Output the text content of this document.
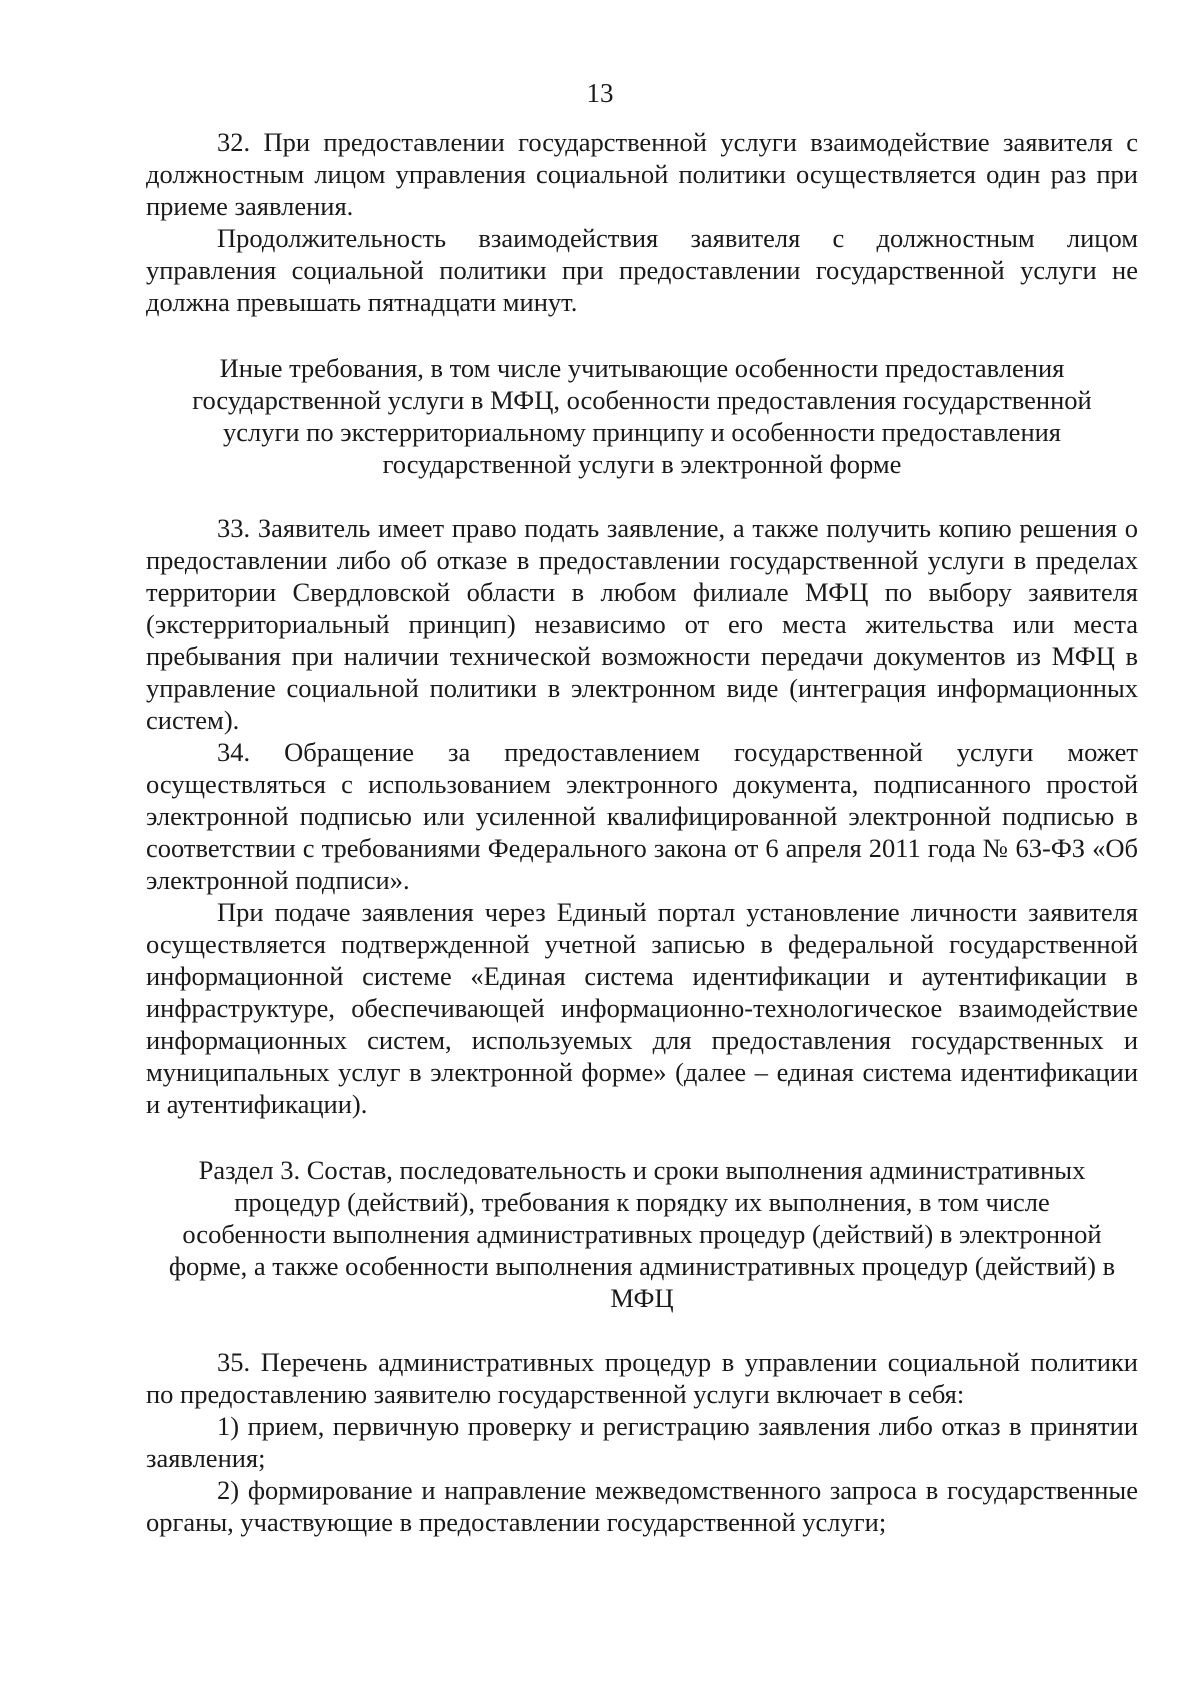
13

32. При предоставлении государственной услуги взаимодействие заявителя с должностным лицом управления социальной политики осуществляется один раз при приеме заявления.

Продолжительность взаимодействия заявителя с должностным лицом управления социальной политики при предоставлении государственной услуги не должна превышать пятнадцати минут.

Иные требования, в том числе учитывающие особенности предоставления государственной услуги в МФЦ, особенности предоставления государственной услуги по экстерриториальному принципу и особенности предоставления государственной услуги в электронной форме

33. Заявитель имеет право подать заявление, а также получить копию решения о предоставлении либо об отказе в предоставлении государственной услуги в пределах территории Свердловской области в любом филиале МФЦ по выбору заявителя (экстерриториальный принцип) независимо от его места жительства или места пребывания при наличии технической возможности передачи документов из МФЦ в управление социальной политики в электронном виде (интеграция информационных систем).

34. Обращение за предоставлением государственной услуги может осуществляться с использованием электронного документа, подписанного простой электронной подписью или усиленной квалифицированной электронной подписью в соответствии с требованиями Федерального закона от 6 апреля 2011 года № 63-ФЗ «Об электронной подписи».

При подаче заявления через Единый портал установление личности заявителя осуществляется подтвержденной учетной записью в федеральной государственной информационной системе «Единая система идентификации и аутентификации в инфраструктуре, обеспечивающей информационно-технологическое взаимодействие информационных систем, используемых для предоставления государственных и муниципальных услуг в электронной форме» (далее – единая система идентификации и аутентификации).

Раздел 3. Состав, последовательность и сроки выполнения административных процедур (действий), требования к порядку их выполнения, в том числе особенности выполнения административных процедур (действий) в электронной форме, а также особенности выполнения административных процедур (действий) в МФЦ

35. Перечень административных процедур в управлении социальной политики по предоставлению заявителю государственной услуги включает в себя:

1) прием, первичную проверку и регистрацию заявления либо отказ в принятии заявления;

2) формирование и направление межведомственного запроса в государственные органы, участвующие в предоставлении государственной услуги;
